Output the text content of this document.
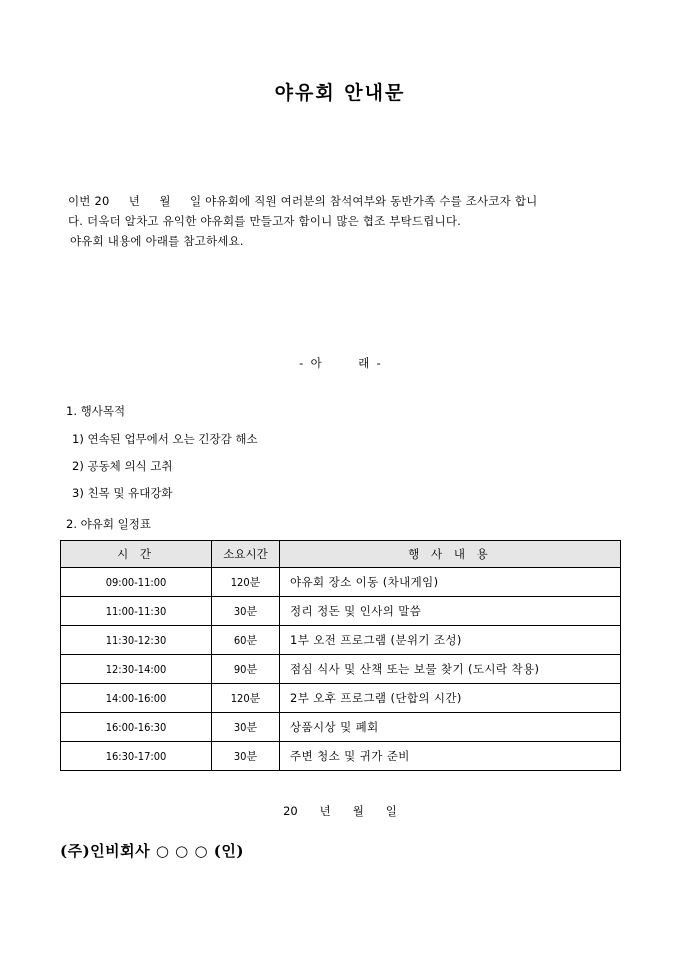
야유회 안내문

이번 20     년     월     일 야유회에 직원 여러분의 참석여부와 동반가족 수를 조사코자 합니

다. 더욱더 알차고 유익한 야유회를 만들고자 함이니 많은 협조 부탁드립니다.

야유회 내용에 아래를 참고하세요.

-  아          래  -
1. 행사목적
1) 연속된 업무에서 오는 긴장감 해소
2) 공동체 의식 고취
3) 친목 및 유대강화
2. 야유회 일정표
시 간	소요시간	행 사 내 용
09:00-11:00	120분	야유회 장소 이동 (차내게임)
11:00-11:30	30분	정리 정돈 및 인사의 말씀
11:30-12:30	60분	1부 오전 프로그램 (분위기 조성)
12:30-14:00	90분	점심 식사 및 산책 또는 보물 찾기 (도시락 착용)
14:00-16:00	120분	2부 오후 프로그램 (단합의 시간)
16:00-16:30	30분	상품시상 및 폐회
16:30-17:00	30분	주변 청소 및 귀가 준비
20      년      월      일
(주)인비회사 ○ ○ ○ (인)
